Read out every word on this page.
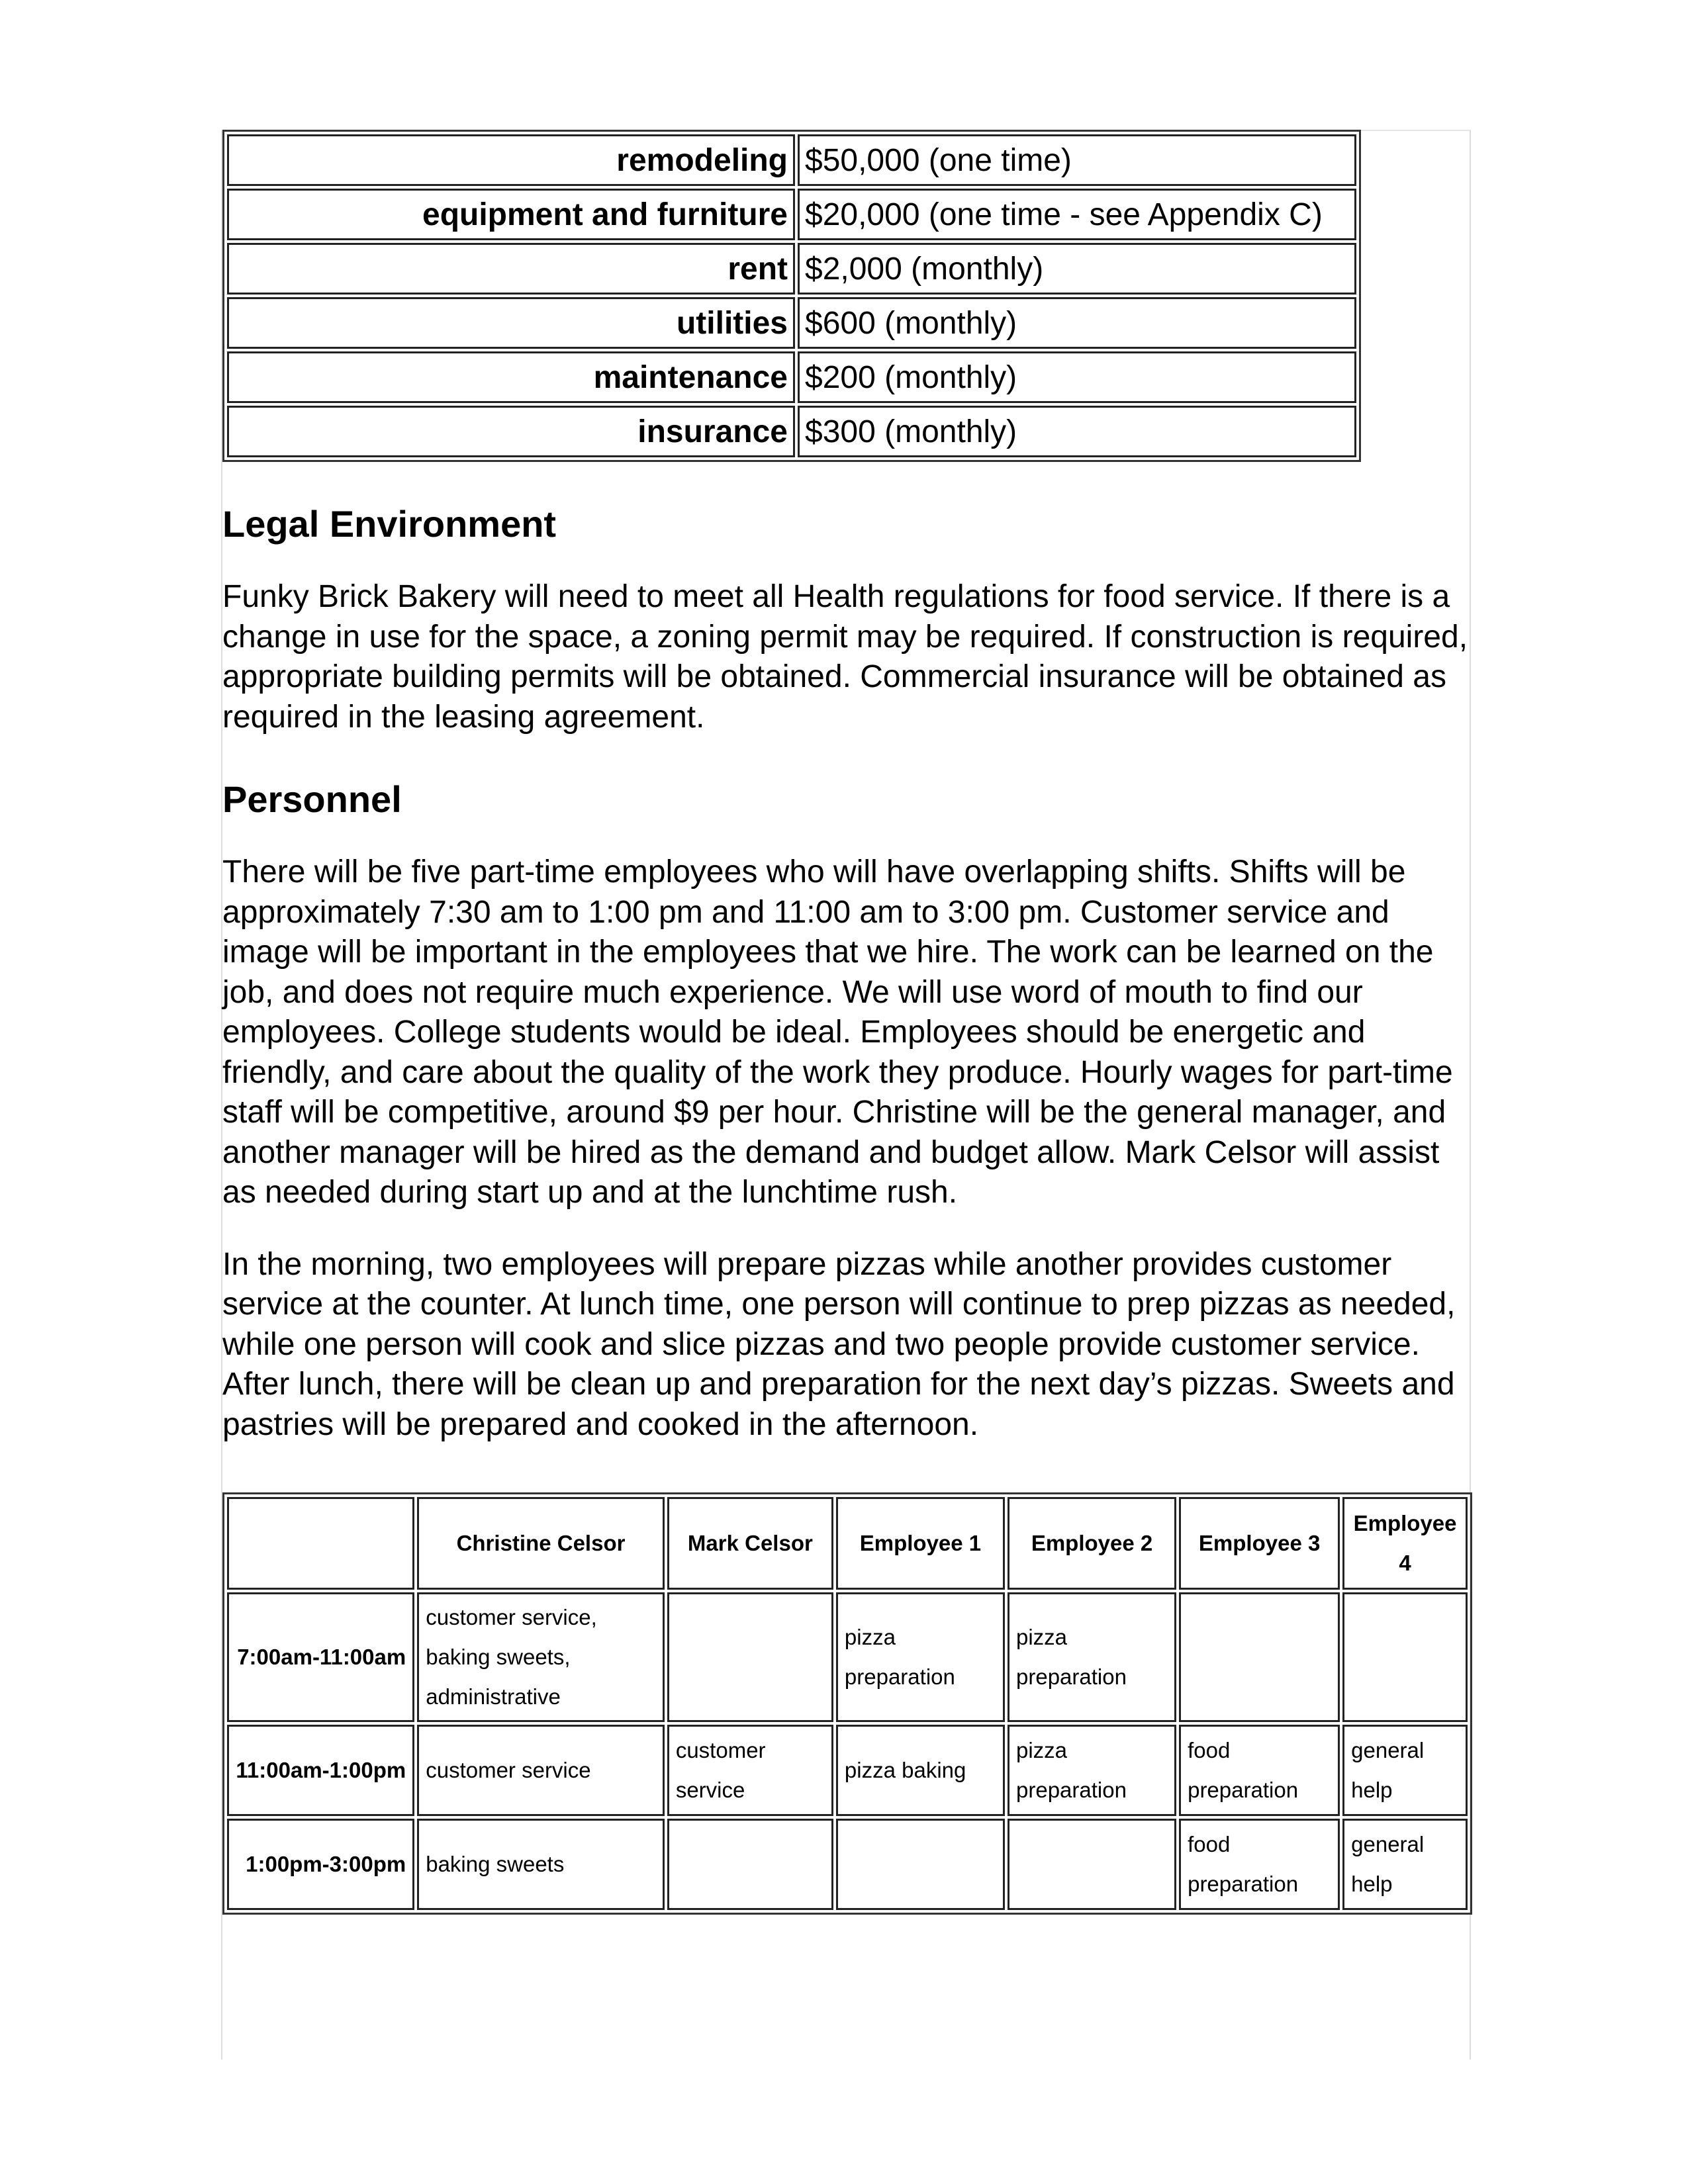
remodeling	$50,000 (one time)
equipment and furniture	$20,000 (one time - see Appendix C)
rent	$2,000 (monthly)
utilities	$600 (monthly)
maintenance	$200 (monthly)
insurance	$300 (monthly)
Legal Environment

Funky Brick Bakery will need to meet all Health regulations for food service. If there is a change in use for the space, a zoning permit may be required. If construction is required, appropriate building permits will be obtained. Commercial insurance will be obtained as required in the leasing agreement.

Personnel

There will be five part-time employees who will have overlapping shifts. Shifts will be approximately 7:30 am to 1:00 pm and 11:00 am to 3:00 pm. Customer service and image will be important in the employees that we hire. The work can be learned on the job, and does not require much experience. We will use word of mouth to find our employees. College students would be ideal. Employees should be energetic and friendly, and care about the quality of the work they produce. Hourly wages for part-time staff will be competitive, around $9 per hour. Christine will be the general manager, and another manager will be hired as the demand and budget allow. Mark Celsor will assist as needed during start up and at the lunchtime rush.

In the morning, two employees will prepare pizzas while another provides customer service at the counter. At lunch time, one person will continue to prep pizzas as needed, while one person will cook and slice pizzas and two people provide customer service. After lunch, there will be clean up and preparation for the next day’s pizzas. Sweets and pastries will be prepared and cooked in the afternoon.

	Christine Celsor	Mark Celsor	Employee 1	Employee 2	Employee 3	Employee 4
7:00am-11:00am	customer service, baking sweets, administrative		pizza preparation	pizza preparation		
11:00am-1:00pm	customer service	customer service	pizza baking	pizza preparation	food preparation	general help
1:00pm-3:00pm	baking sweets				food preparation	general help
